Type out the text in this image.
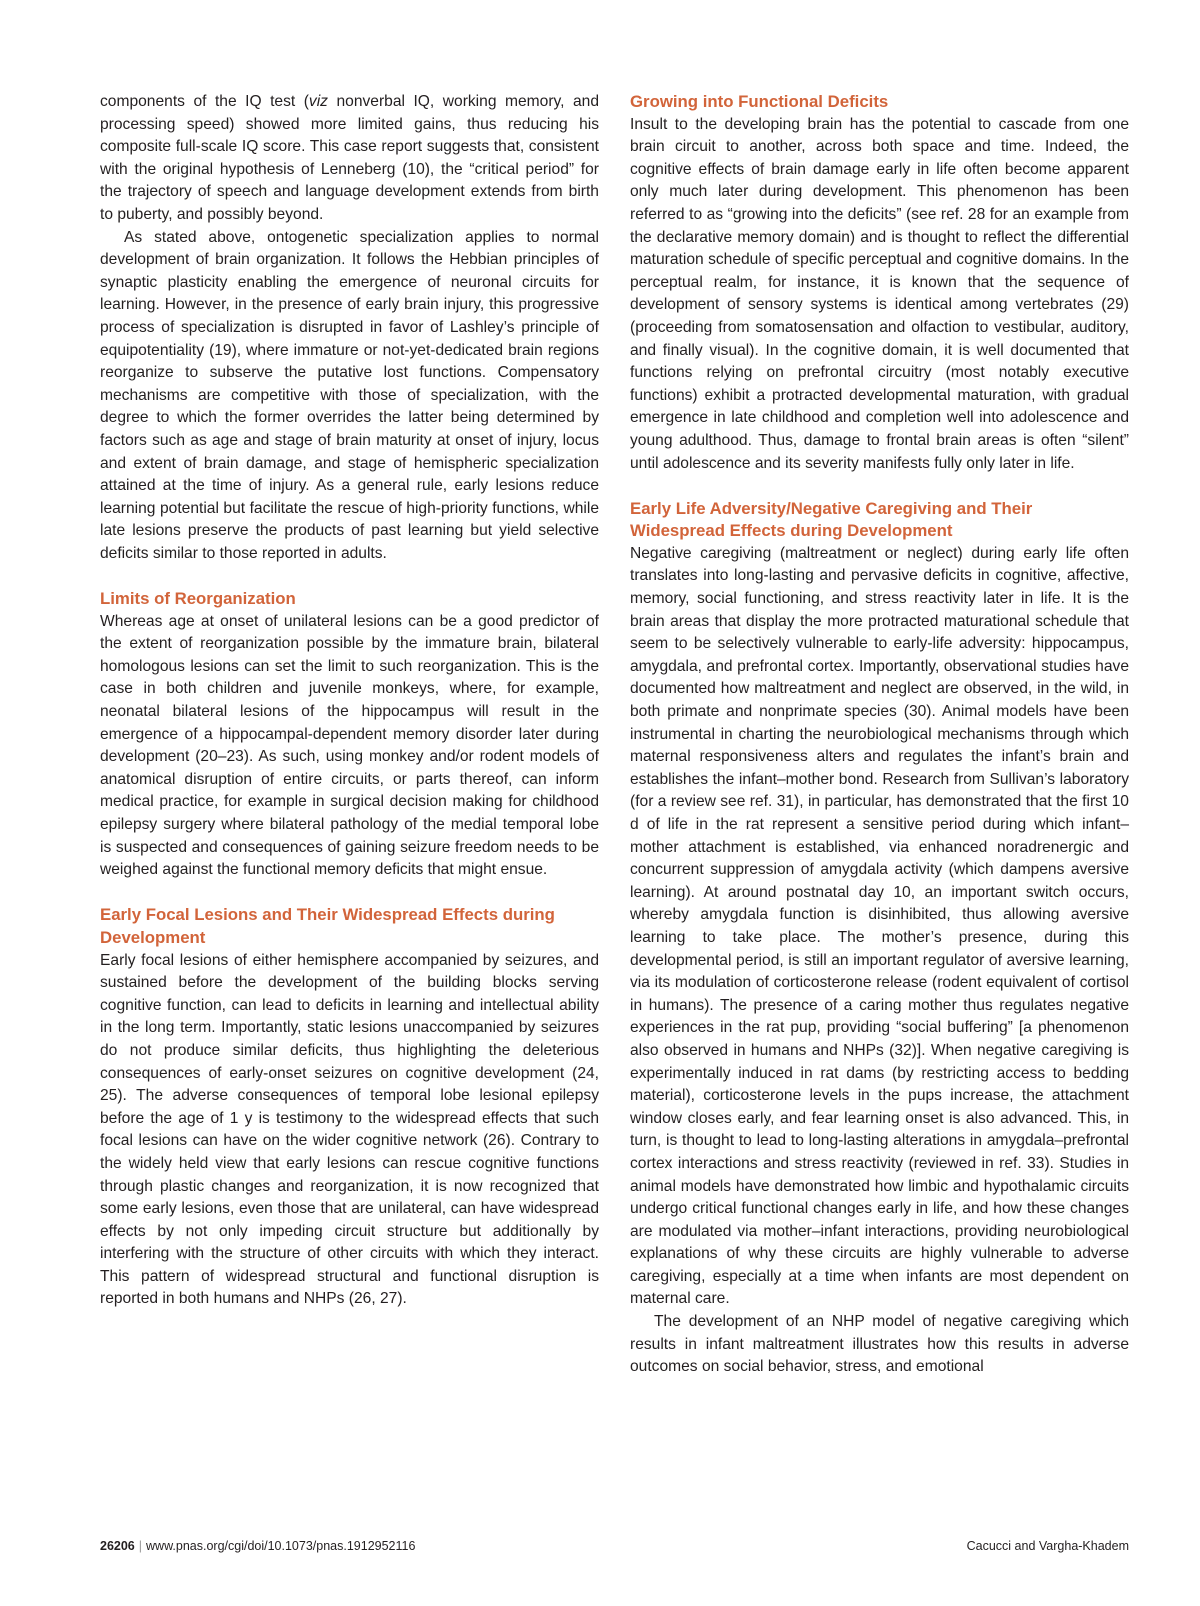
components of the IQ test (viz nonverbal IQ, working memory, and processing speed) showed more limited gains, thus reducing his composite full-scale IQ score. This case report suggests that, consistent with the original hypothesis of Lenneberg (10), the “critical period” for the trajectory of speech and language development extends from birth to puberty, and possibly beyond.

As stated above, ontogenetic specialization applies to normal development of brain organization. It follows the Hebbian principles of synaptic plasticity enabling the emergence of neuronal circuits for learning. However, in the presence of early brain injury, this progressive process of specialization is disrupted in favor of Lashley’s principle of equipotentiality (19), where immature or not-yet-dedicated brain regions reorganize to subserve the putative lost functions. Compensatory mechanisms are competitive with those of specialization, with the degree to which the former overrides the latter being determined by factors such as age and stage of brain maturity at onset of injury, locus and extent of brain damage, and stage of hemispheric specialization attained at the time of injury. As a general rule, early lesions reduce learning potential but facilitate the rescue of high-priority functions, while late lesions preserve the products of past learning but yield selective deficits similar to those reported in adults.

Limits of Reorganization

Whereas age at onset of unilateral lesions can be a good predictor of the extent of reorganization possible by the immature brain, bilateral homologous lesions can set the limit to such reorganization. This is the case in both children and juvenile monkeys, where, for example, neonatal bilateral lesions of the hippocampus will result in the emergence of a hippocampal-dependent memory disorder later during development (20–23). As such, using monkey and/or rodent models of anatomical disruption of entire circuits, or parts thereof, can inform medical practice, for example in surgical decision making for childhood epilepsy surgery where bilateral pathology of the medial temporal lobe is suspected and consequences of gaining seizure freedom needs to be weighed against the functional memory deficits that might ensue.

Early Focal Lesions and Their Widespread Effects during Development

Early focal lesions of either hemisphere accompanied by seizures, and sustained before the development of the building blocks serving cognitive function, can lead to deficits in learning and intellectual ability in the long term. Importantly, static lesions unaccompanied by seizures do not produce similar deficits, thus highlighting the deleterious consequences of early-onset seizures on cognitive development (24, 25). The adverse consequences of temporal lobe lesional epilepsy before the age of 1 y is testimony to the widespread effects that such focal lesions can have on the wider cognitive network (26). Contrary to the widely held view that early lesions can rescue cognitive functions through plastic changes and reorganization, it is now recognized that some early lesions, even those that are unilateral, can have widespread effects by not only impeding circuit structure but additionally by interfering with the structure of other circuits with which they interact. This pattern of widespread structural and functional disruption is reported in both humans and NHPs (26, 27).

Growing into Functional Deficits

Insult to the developing brain has the potential to cascade from one brain circuit to another, across both space and time. Indeed, the cognitive effects of brain damage early in life often become apparent only much later during development. This phenomenon has been referred to as “growing into the deficits” (see ref. 28 for an example from the declarative memory domain) and is thought to reflect the differential maturation schedule of specific perceptual and cognitive domains. In the perceptual realm, for instance, it is known that the sequence of development of sensory systems is identical among vertebrates (29) (proceeding from somatosensation and olfaction to vestibular, auditory, and finally visual). In the cognitive domain, it is well documented that functions relying on prefrontal circuitry (most notably executive functions) exhibit a protracted developmental maturation, with gradual emergence in late childhood and completion well into adolescence and young adulthood. Thus, damage to frontal brain areas is often “silent” until adolescence and its severity manifests fully only later in life.

Early Life Adversity/Negative Caregiving and Their Widespread Effects during Development

Negative caregiving (maltreatment or neglect) during early life often translates into long-lasting and pervasive deficits in cognitive, affective, memory, social functioning, and stress reactivity later in life. It is the brain areas that display the more protracted maturational schedule that seem to be selectively vulnerable to early-life adversity: hippocampus, amygdala, and prefrontal cortex. Importantly, observational studies have documented how maltreatment and neglect are observed, in the wild, in both primate and nonprimate species (30). Animal models have been instrumental in charting the neurobiological mechanisms through which maternal responsiveness alters and regulates the infant’s brain and establishes the infant–mother bond. Research from Sullivan’s laboratory (for a review see ref. 31), in particular, has demonstrated that the first 10 d of life in the rat represent a sensitive period during which infant–mother attachment is established, via enhanced noradrenergic and concurrent suppression of amygdala activity (which dampens aversive learning). At around postnatal day 10, an important switch occurs, whereby amygdala function is disinhibited, thus allowing aversive learning to take place. The mother’s presence, during this developmental period, is still an important regulator of aversive learning, via its modulation of corticosterone release (rodent equivalent of cortisol in humans). The presence of a caring mother thus regulates negative experiences in the rat pup, providing “social buffering” [a phenomenon also observed in humans and NHPs (32)]. When negative caregiving is experimentally induced in rat dams (by restricting access to bedding material), corticosterone levels in the pups increase, the attachment window closes early, and fear learning onset is also advanced. This, in turn, is thought to lead to long-lasting alterations in amygdala–prefrontal cortex interactions and stress reactivity (reviewed in ref. 33). Studies in animal models have demonstrated how limbic and hypothalamic circuits undergo critical functional changes early in life, and how these changes are modulated via mother–infant interactions, providing neurobiological explanations of why these circuits are highly vulnerable to adverse caregiving, especially at a time when infants are most dependent on maternal care.

The development of an NHP model of negative caregiving which results in infant maltreatment illustrates how this results in adverse outcomes on social behavior, stress, and emotional

26206 | www.pnas.org/cgi/doi/10.1073/pnas.1912952116	Cacucci and Vargha-Khadem
